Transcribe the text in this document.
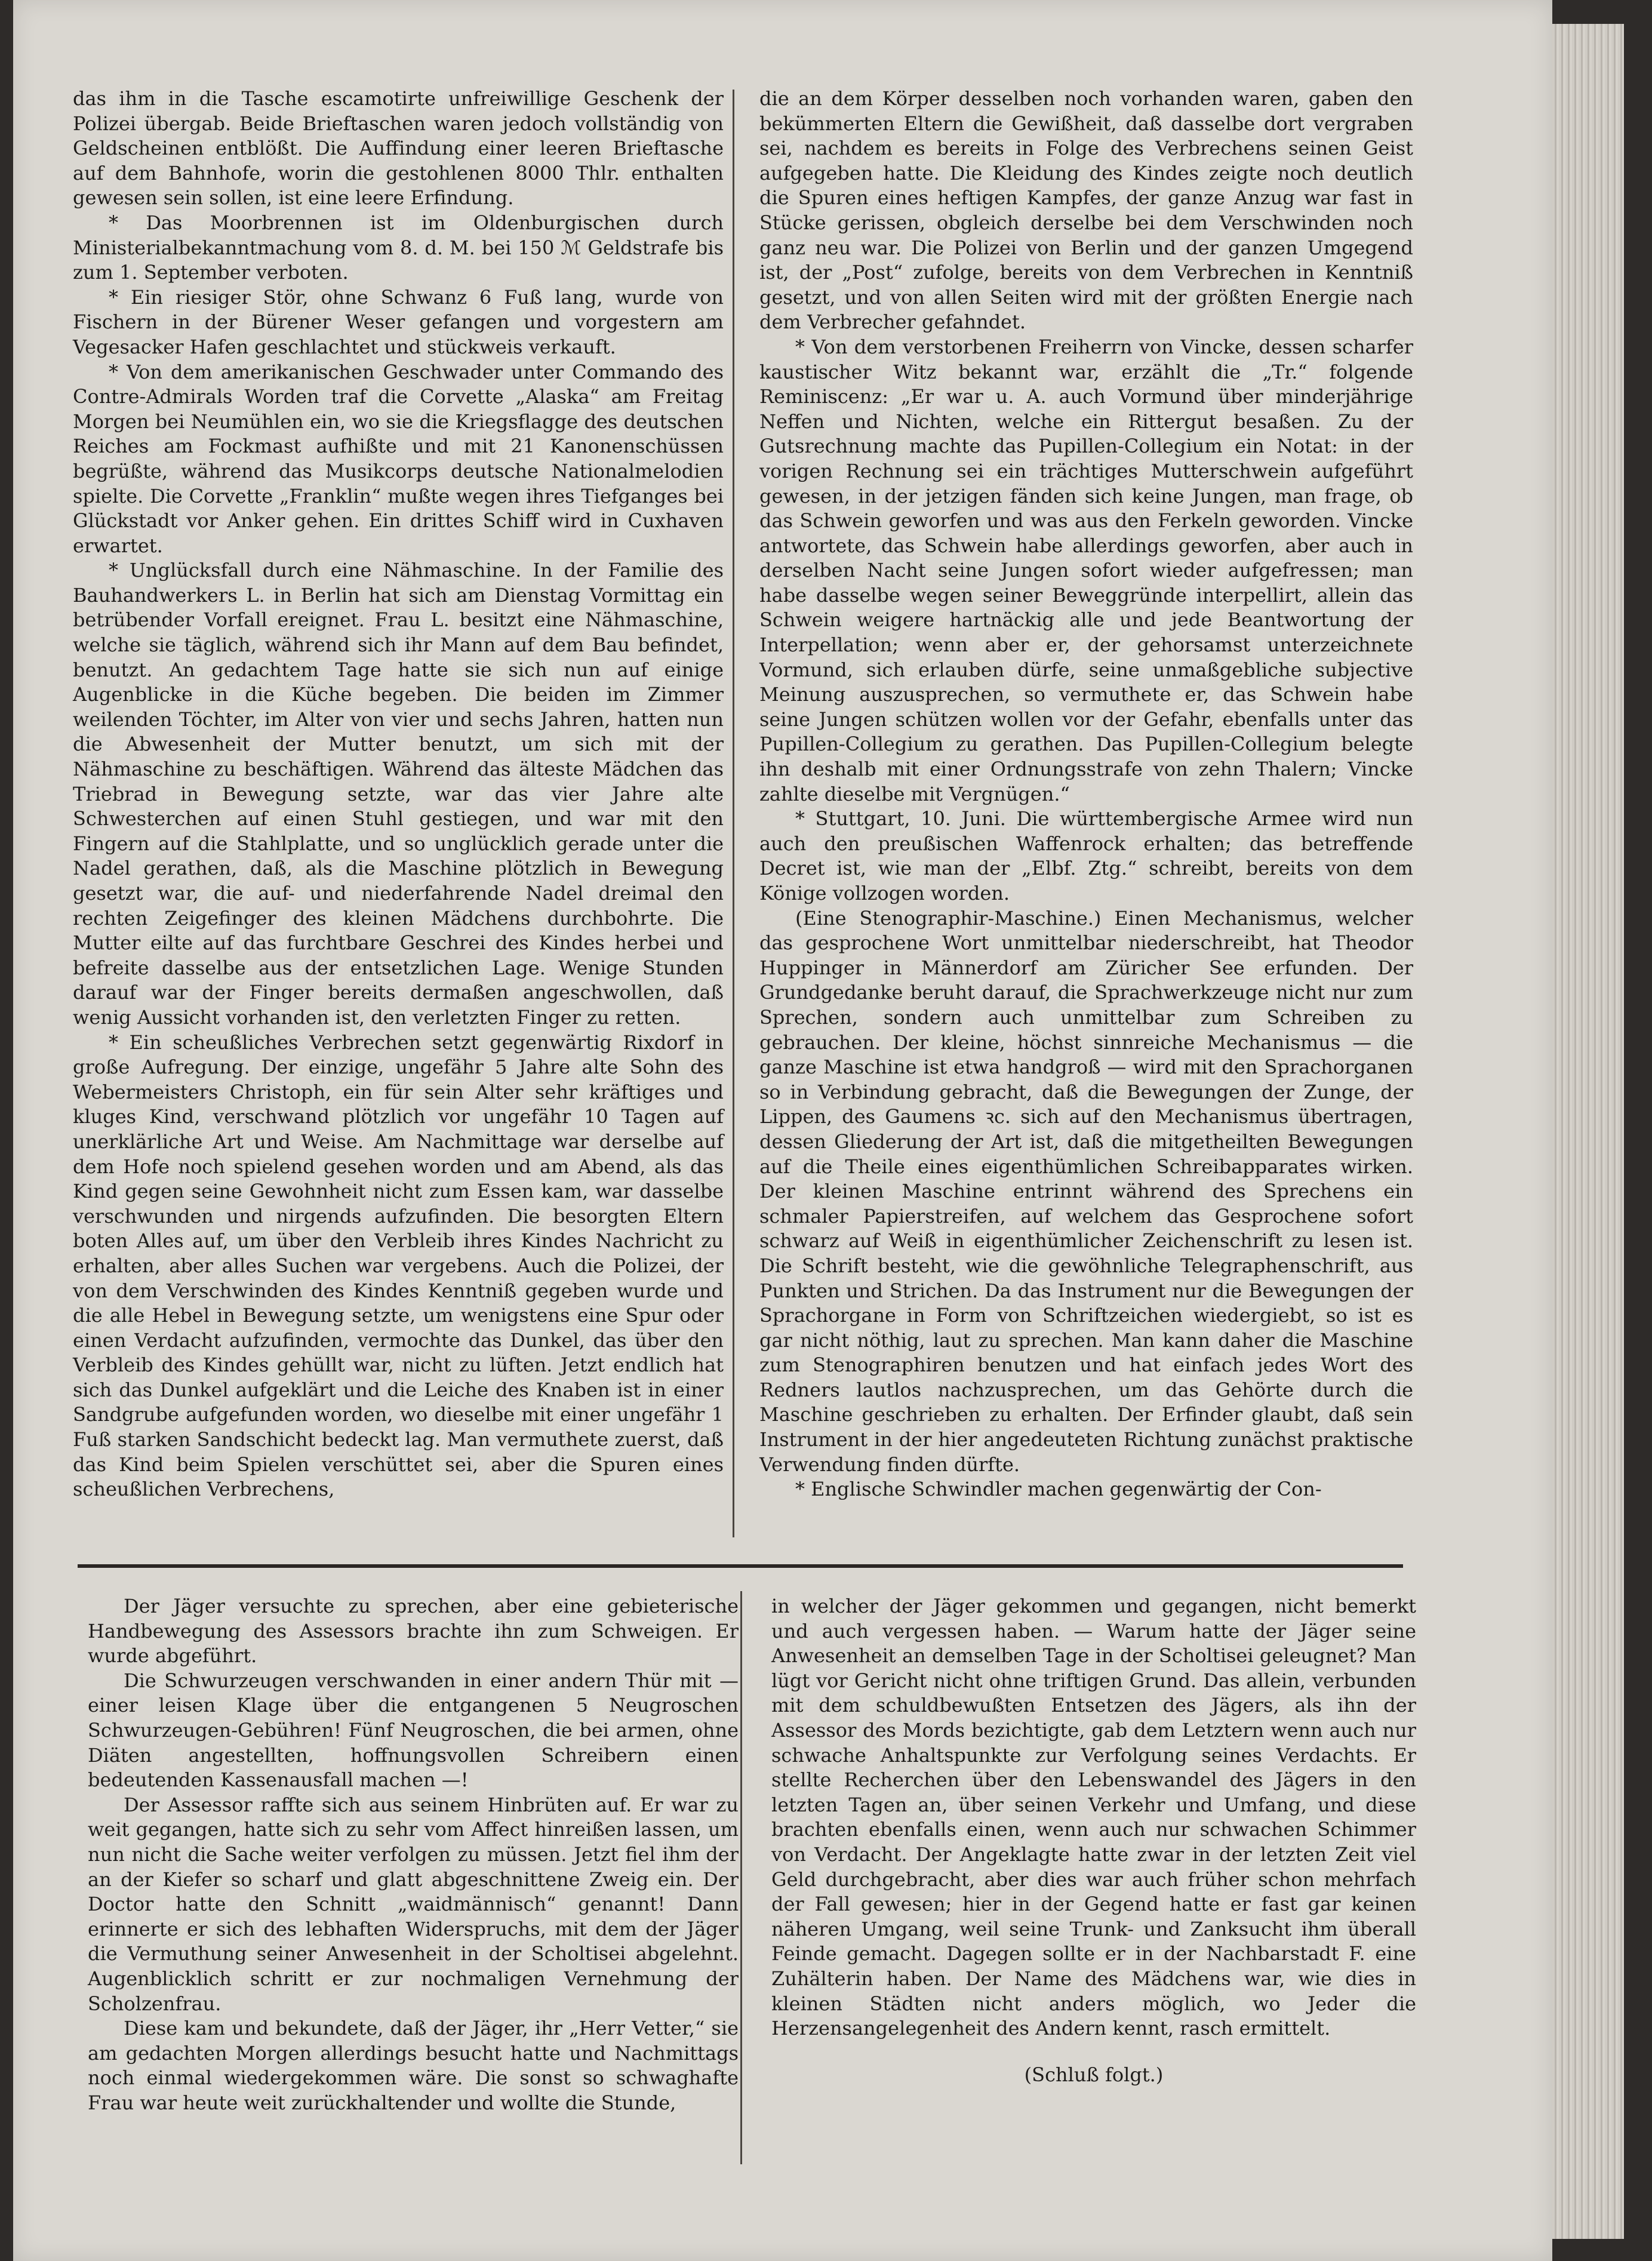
das ihm in die Tasche escamotirte unfreiwillige Geschenk der Polizei übergab. Beide Brieftaschen waren jedoch vollständig von Geldscheinen entblößt. Die Auffindung einer leeren Brieftasche auf dem Bahnhofe, worin die gestohlenen 8000 Thlr. enthalten gewesen sein sollen, ist eine leere Erfindung.

* Das Moorbrennen ist im Oldenburgischen durch Ministerialbekanntmachung vom 8. d. M. bei 150 ℳ Geldstrafe bis zum 1. September verboten.

* Ein riesiger Stör, ohne Schwanz 6 Fuß lang, wurde von Fischern in der Bürener Weser gefangen und vorgestern am Vegesacker Hafen geschlachtet und stückweis verkauft.

* Von dem amerikanischen Geschwader unter Commando des Contre-Admirals Worden traf die Corvette „Alaska“ am Freitag Morgen bei Neumühlen ein, wo sie die Kriegsflagge des deutschen Reiches am Fockmast aufhißte und mit 21 Kanonenschüssen begrüßte, während das Musikcorps deutsche Nationalmelodien spielte. Die Corvette „Franklin“ mußte wegen ihres Tiefganges bei Glückstadt vor Anker gehen. Ein drittes Schiff wird in Cuxhaven erwartet.

* Unglücksfall durch eine Nähmaschine. In der Familie des Bauhandwerkers L. in Berlin hat sich am Dienstag Vormittag ein betrübender Vorfall ereignet. Frau L. besitzt eine Nähmaschine, welche sie täglich, während sich ihr Mann auf dem Bau befindet, benutzt. An gedachtem Tage hatte sie sich nun auf einige Augenblicke in die Küche begeben. Die beiden im Zimmer weilenden Töchter, im Alter von vier und sechs Jahren, hatten nun die Abwesenheit der Mutter benutzt, um sich mit der Nähmaschine zu beschäftigen. Während das älteste Mädchen das Triebrad in Bewegung setzte, war das vier Jahre alte Schwesterchen auf einen Stuhl gestiegen, und war mit den Fingern auf die Stahlplatte, und so unglücklich gerade unter die Nadel gerathen, daß, als die Maschine plötzlich in Bewegung gesetzt war, die auf- und niederfahrende Nadel dreimal den rechten Zeigefinger des kleinen Mädchens durchbohrte. Die Mutter eilte auf das furchtbare Geschrei des Kindes herbei und befreite dasselbe aus der entsetzlichen Lage. Wenige Stunden darauf war der Finger bereits dermaßen angeschwollen, daß wenig Aussicht vorhanden ist, den verletzten Finger zu retten.

* Ein scheußliches Verbrechen setzt gegenwärtig Rixdorf in große Aufregung. Der einzige, ungefähr 5 Jahre alte Sohn des Webermeisters Christoph, ein für sein Alter sehr kräftiges und kluges Kind, verschwand plötzlich vor ungefähr 10 Tagen auf unerklärliche Art und Weise. Am Nachmittage war derselbe auf dem Hofe noch spielend gesehen worden und am Abend, als das Kind gegen seine Gewohnheit nicht zum Essen kam, war dasselbe verschwunden und nirgends aufzufinden. Die besorgten Eltern boten Alles auf, um über den Verbleib ihres Kindes Nachricht zu erhalten, aber alles Suchen war vergebens. Auch die Polizei, der von dem Verschwinden des Kindes Kenntniß gegeben wurde und die alle Hebel in Bewegung setzte, um wenigstens eine Spur oder einen Verdacht aufzufinden, vermochte das Dunkel, das über den Verbleib des Kindes gehüllt war, nicht zu lüften. Jetzt endlich hat sich das Dunkel aufgeklärt und die Leiche des Knaben ist in einer Sandgrube aufgefunden worden, wo dieselbe mit einer ungefähr 1 Fuß starken Sandschicht bedeckt lag. Man vermuthete zuerst, daß das Kind beim Spielen verschüttet sei, aber die Spuren eines scheußlichen Verbrechens,

die an dem Körper desselben noch vorhanden waren, gaben den bekümmerten Eltern die Gewißheit, daß dasselbe dort vergraben sei, nachdem es bereits in Folge des Verbrechens seinen Geist aufgegeben hatte. Die Kleidung des Kindes zeigte noch deutlich die Spuren eines heftigen Kampfes, der ganze Anzug war fast in Stücke gerissen, obgleich derselbe bei dem Verschwinden noch ganz neu war. Die Polizei von Berlin und der ganzen Umgegend ist, der „Post“ zufolge, bereits von dem Verbrechen in Kenntniß gesetzt, und von allen Seiten wird mit der größten Energie nach dem Verbrecher gefahndet.

* Von dem verstorbenen Freiherrn von Vincke, dessen scharfer kaustischer Witz bekannt war, erzählt die „Tr.“ folgende Reminiscenz: „Er war u. A. auch Vormund über minderjährige Neffen und Nichten, welche ein Rittergut besaßen. Zu der Gutsrechnung machte das Pupillen-Collegium ein Notat: in der vorigen Rechnung sei ein trächtiges Mutterschwein aufgeführt gewesen, in der jetzigen fänden sich keine Jungen, man frage, ob das Schwein geworfen und was aus den Ferkeln geworden. Vincke antwortete, das Schwein habe allerdings geworfen, aber auch in derselben Nacht seine Jungen sofort wieder aufgefressen; man habe dasselbe wegen seiner Beweggründe interpellirt, allein das Schwein weigere hartnäckig alle und jede Beantwortung der Interpellation; wenn aber er, der gehorsamst unterzeichnete Vormund, sich erlauben dürfe, seine unmaßgebliche subjective Meinung auszusprechen, so vermuthete er, das Schwein habe seine Jungen schützen wollen vor der Gefahr, ebenfalls unter das Pupillen-Collegium zu gerathen. Das Pupillen-Collegium belegte ihn deshalb mit einer Ordnungsstrafe von zehn Thalern; Vincke zahlte dieselbe mit Vergnügen.“

* Stuttgart, 10. Juni. Die württembergische Armee wird nun auch den preußischen Waffenrock erhalten; das betreffende Decret ist, wie man der „Elbf. Ztg.“ schreibt, bereits von dem Könige vollzogen worden.

(Eine Stenographir-Maschine.) Einen Mechanismus, welcher das gesprochene Wort unmittelbar niederschreibt, hat Theodor Huppinger in Männerdorf am Züricher See erfunden. Der Grundgedanke beruht darauf, die Sprachwerkzeuge nicht nur zum Sprechen, sondern auch unmittelbar zum Schreiben zu gebrauchen. Der kleine, höchst sinnreiche Mechanismus — die ganze Maschine ist etwa handgroß — wird mit den Sprachorganen so in Verbindung gebracht, daß die Bewegungen der Zunge, der Lippen, des Gaumens ꝛc. sich auf den Mechanismus übertragen, dessen Gliederung der Art ist, daß die mitgetheilten Bewegungen auf die Theile eines eigenthümlichen Schreibapparates wirken. Der kleinen Maschine entrinnt während des Sprechens ein schmaler Papierstreifen, auf welchem das Gesprochene sofort schwarz auf Weiß in eigenthümlicher Zeichenschrift zu lesen ist. Die Schrift besteht, wie die gewöhnliche Telegraphenschrift, aus Punkten und Strichen. Da das Instrument nur die Bewegungen der Sprachorgane in Form von Schriftzeichen wiedergiebt, so ist es gar nicht nöthig, laut zu sprechen. Man kann daher die Maschine zum Stenographiren benutzen und hat einfach jedes Wort des Redners lautlos nachzusprechen, um das Gehörte durch die Maschine geschrieben zu erhalten. Der Erfinder glaubt, daß sein Instrument in der hier angedeuteten Richtung zunächst praktische Verwendung finden dürfte.

* Englische Schwindler machen gegenwärtig der Con-

Der Jäger versuchte zu sprechen, aber eine gebieterische Handbewegung des Assessors brachte ihn zum Schweigen. Er wurde abgeführt.

Die Schwurzeugen verschwanden in einer andern Thür mit — einer leisen Klage über die entgangenen 5 Neugroschen Schwurzeugen-Gebühren! Fünf Neugroschen, die bei armen, ohne Diäten angestellten, hoffnungsvollen Schreibern einen bedeutenden Kassenausfall machen —!

Der Assessor raffte sich aus seinem Hinbrüten auf. Er war zu weit gegangen, hatte sich zu sehr vom Affect hinreißen lassen, um nun nicht die Sache weiter verfolgen zu müssen. Jetzt fiel ihm der an der Kiefer so scharf und glatt abgeschnittene Zweig ein. Der Doctor hatte den Schnitt „waidmännisch“ genannt! Dann erinnerte er sich des lebhaften Widerspruchs, mit dem der Jäger die Vermuthung seiner Anwesenheit in der Scholtisei abgelehnt. Augenblicklich schritt er zur nochmaligen Vernehmung der Scholzenfrau.

Diese kam und bekundete, daß der Jäger, ihr „Herr Vetter,“ sie am gedachten Morgen allerdings besucht hatte und Nachmittags noch einmal wiedergekommen wäre. Die sonst so schwaghafte Frau war heute weit zurückhaltender und wollte die Stunde,

in welcher der Jäger gekommen und gegangen, nicht bemerkt und auch vergessen haben. — Warum hatte der Jäger seine Anwesenheit an demselben Tage in der Scholtisei geleugnet? Man lügt vor Gericht nicht ohne triftigen Grund. Das allein, verbunden mit dem schuldbewußten Entsetzen des Jägers, als ihn der Assessor des Mords bezichtigte, gab dem Letztern wenn auch nur schwache Anhaltspunkte zur Verfolgung seines Verdachts. Er stellte Recherchen über den Lebenswandel des Jägers in den letzten Tagen an, über seinen Verkehr und Umfang, und diese brachten ebenfalls einen, wenn auch nur schwachen Schimmer von Verdacht. Der Angeklagte hatte zwar in der letzten Zeit viel Geld durchgebracht, aber dies war auch früher schon mehrfach der Fall gewesen; hier in der Gegend hatte er fast gar keinen näheren Umgang, weil seine Trunk- und Zanksucht ihm überall Feinde gemacht. Dagegen sollte er in der Nachbarstadt F. eine Zuhälterin haben. Der Name des Mädchens war, wie dies in kleinen Städten nicht anders möglich, wo Jeder die Herzensangelegenheit des Andern kennt, rasch ermittelt.

(Schluß folgt.)
